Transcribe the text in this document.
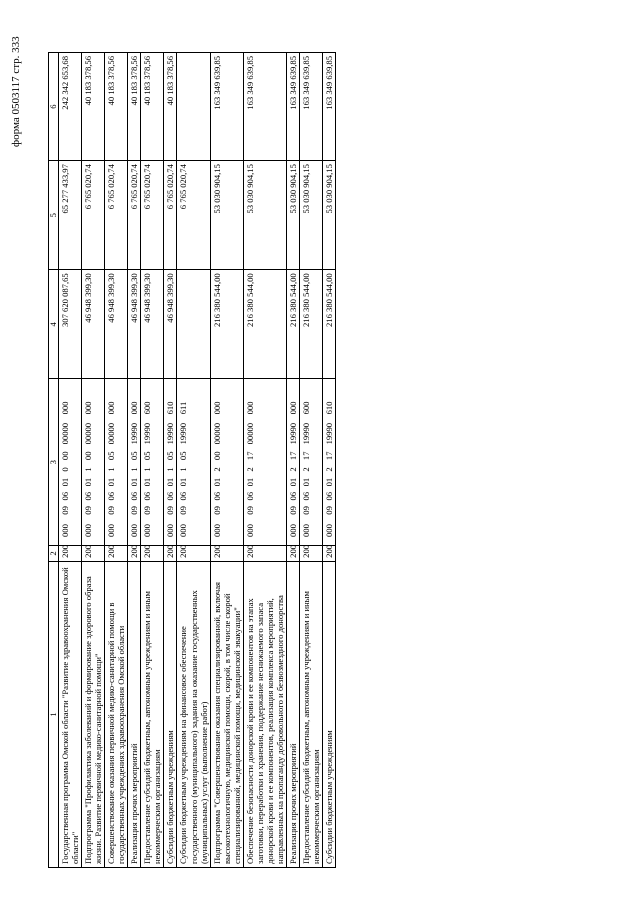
форма 0503117 стр. 333
1	2	3	4	5	6
Государственная программа Омской области "Развитие здравоохранения Омской области"	200	000 09 06 01 0 00 00000 000	307 620 087,65	65 277 433,97	242 342 653,68
Подпрограмма "Профилактика заболеваний и формирование здорового образа жизни. Развитие первичной медико-санитарной помощи"	200	000 09 06 01 1 00 00000 000	46 948 399,30	6 765 020,74	40 183 378,56
Совершенствование оказания первичной медико-санитарной помощи в государственных учреждениях здравоохранения Омской области	200	000 09 06 01 1 05 00000 000	46 948 399,30	6 765 020,74	40 183 378,56
Реализация прочих мероприятий	200	000 09 06 01 1 05 19990 000	46 948 399,30	6 765 020,74	40 183 378,56
Предоставление субсидий бюджетным, автономным учреждениям и иным некоммерческим организациям	200	000 09 06 01 1 05 19990 600	46 948 399,30	6 765 020,74	40 183 378,56
Субсидии бюджетным учреждениям	200	000 09 06 01 1 05 19990 610	46 948 399,30	6 765 020,74	40 183 378,56
Субсидии бюджетным учреждениям на финансовое обеспечение государственного (муниципального) задания на оказание государственных (муниципальных) услуг (выполнение работ)	200	000 09 06 01 1 05 19990 611		6 765 020,74	
Подпрограмма "Совершенствование оказания специализированной, включая высокотехнологичную, медицинской помощи, скорой, в том числе скорой специализированной, медицинской помощи, медицинской эвакуации"	200	000 09 06 01 2 00 00000 000	216 380 544,00	53 030 904,15	163 349 639,85
Обеспечение безопасности донорской крови и ее компонентов на этапах заготовки, переработки и хранения, поддержание неснижаемого запаса донорской крови и ее компонентов, реализация комплекса мероприятий, направленных на пропаганду добровольного и безвозмездного донорства	200	000 09 06 01 2 17 00000 000	216 380 544,00	53 030 904,15	163 349 639,85
Реализация прочих мероприятий	200	000 09 06 01 2 17 19990 000	216 380 544,00	53 030 904,15	163 349 639,85
Предоставление субсидий бюджетным, автономным учреждениям и иным некоммерческим организациям	200	000 09 06 01 2 17 19990 600	216 380 544,00	53 030 904,15	163 349 639,85
Субсидии бюджетным учреждениям	200	000 09 06 01 2 17 19990 610	216 380 544,00	53 030 904,15	163 349 639,85
